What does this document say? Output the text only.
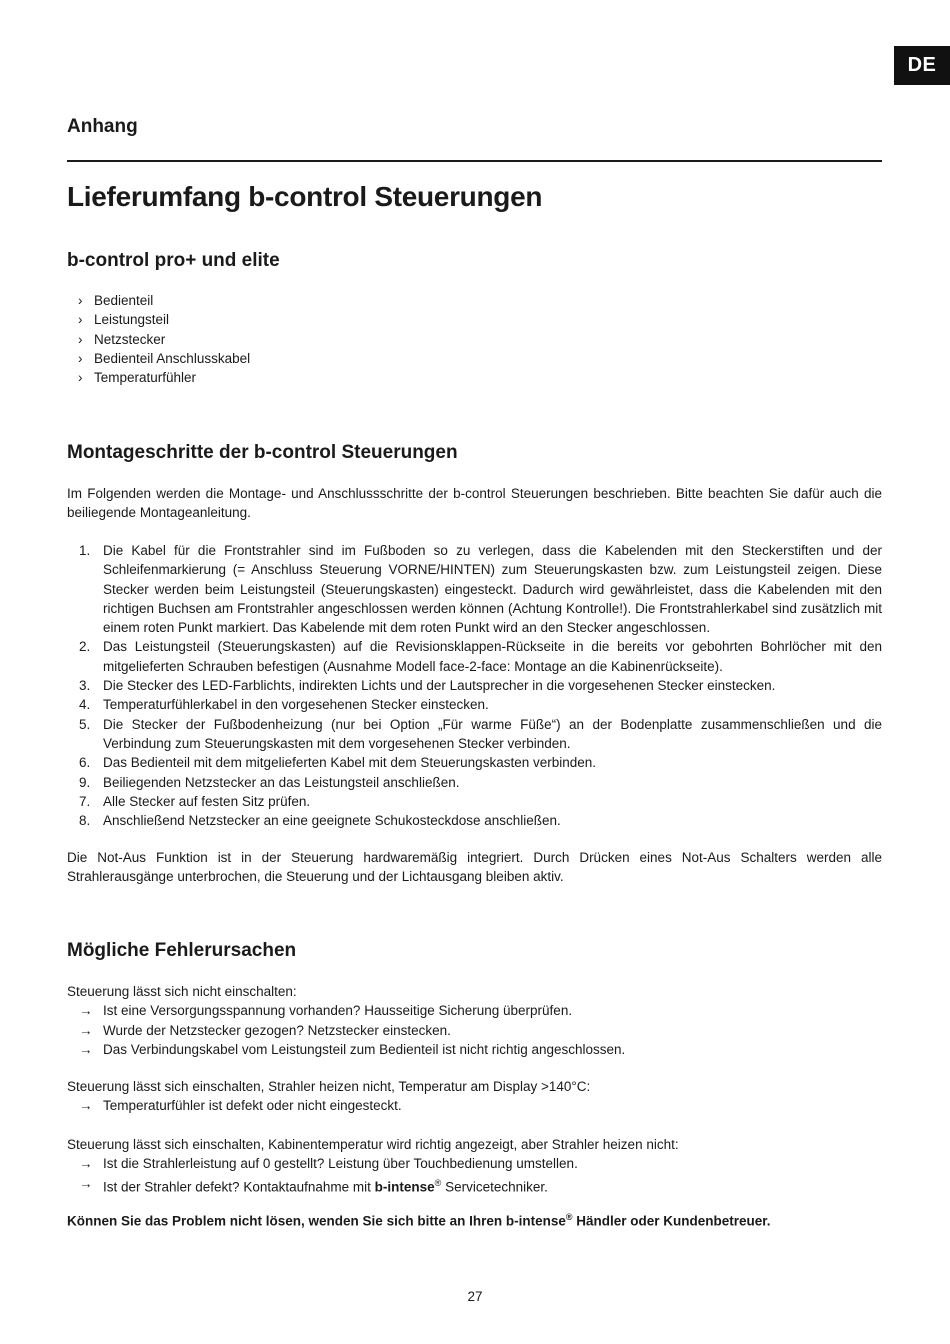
DE
Anhang
Lieferumfang b-control Steuerungen
b-control pro+ und elite
› Bedienteil
› Leistungsteil
› Netzstecker
› Bedienteil Anschlusskabel
› Temperaturfühler
Montageschritte der b-control Steuerungen
Im Folgenden werden die Montage- und Anschlussschritte der b-control Steuerungen beschrieben. Bitte beachten Sie dafür auch die beiliegende Montageanleitung.
1. Die Kabel für die Frontstrahler sind im Fußboden so zu verlegen, dass die Kabelenden mit den Steckerstiften und der Schleifenmarkierung (= Anschluss Steuerung VORNE/HINTEN) zum Steuerungskasten bzw. zum Leistungsteil zeigen. Diese Stecker werden beim Leistungsteil (Steuerungskasten) eingesteckt. Dadurch wird gewährleistet, dass die Kabelenden mit den richtigen Buchsen am Frontstrahler angeschlossen werden können (Achtung Kontrolle!). Die Frontstrahlerkabel sind zusätzlich mit einem roten Punkt markiert. Das Kabelende mit dem roten Punkt wird an den Stecker angeschlossen.
2. Das Leistungsteil (Steuerungskasten) auf die Revisionsklappen-Rückseite in die bereits vor gebohrten Bohrlöcher mit den mitgelieferten Schrauben befestigen (Ausnahme Modell face-2-face: Montage an die Kabinenrückseite).
3. Die Stecker des LED-Farblichts, indirekten Lichts und der Lautsprecher in die vorgesehenen Stecker einstecken.
4. Temperaturfühlerkabel in den vorgesehenen Stecker einstecken.
5. Die Stecker der Fußbodenheizung (nur bei Option „Für warme Füße“) an der Bodenplatte zusammenschließen und die Verbindung zum Steuerungskasten mit dem vorgesehenen Stecker verbinden.
6. Das Bedienteil mit dem mitgelieferten Kabel mit dem Steuerungskasten verbinden.
9. Beiliegenden Netzstecker an das Leistungsteil anschließen.
7. Alle Stecker auf festen Sitz prüfen.
8. Anschließend Netzstecker an eine geeignete Schukosteckdose anschließen.
Die Not-Aus Funktion ist in der Steuerung hardwaremäßig integriert. Durch Drücken eines Not-Aus Schalters werden alle Strahlerausgänge unterbrochen, die Steuerung und der Lichtausgang bleiben aktiv.
Mögliche Fehlerursachen
Steuerung lässt sich nicht einschalten:
→ Ist eine Versorgungsspannung vorhanden? Hausseitige Sicherung überprüfen.
→ Wurde der Netzstecker gezogen? Netzstecker einstecken.
→ Das Verbindungskabel vom Leistungsteil zum Bedienteil ist nicht richtig angeschlossen.
Steuerung lässt sich einschalten, Strahler heizen nicht, Temperatur am Display >140°C:
→ Temperaturfühler ist defekt oder nicht eingesteckt.
Steuerung lässt sich einschalten, Kabinentemperatur wird richtig angezeigt, aber Strahler heizen nicht:
→ Ist die Strahlerleistung auf 0 gestellt? Leistung über Touchbedienung umstellen.
→ Ist der Strahler defekt? Kontaktaufnahme mit b-intense® Servicetechniker.
Können Sie das Problem nicht lösen, wenden Sie sich bitte an Ihren b-intense® Händler oder Kundenbetreuer.
27
